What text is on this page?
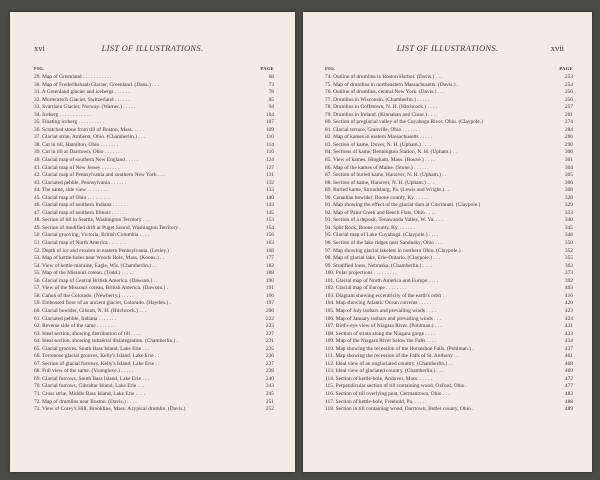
xvi	LIST OF ILLUSTRATIONS.
FIG.	PAGE
29. Map of Greenland . . . . . . . . . . .	68
30. Map of Frederikshaab Glacier, Greenland. (Dana.) . . .	73
31. A Greenland glacier and icebergs . . . . . .	78
32. Morteratsch Glacier, Switzerland . . . . . .	85
33. Svartisen Glacier, Norway. (Warner.) . . . . .	94
34. Iceberg . . . . . . . . . . . .	104
35. Floating iceberg . . . . . . . . . .	107
36. Scratched stone from till of Boston, Mass. . . . .	109
37. Glacial striæ, Amherst, Ohio. (Chamberlin.) . . .	110
38. Cut in till, Hamilton, Ohio . . . . . . .	114
39. Cut in till at Darrtown, Ohio . . . . . . .	116
40. Glacial map of southern New England . . . . .	124
41. Glacial map of New Jersey . . . . . . .	127
42. Glacial map of Pennsylvania and southern New York . . .	131
43. Glaciated pebble, Pennsylvania . . . . . .	132
44. The same, side view . . . . . . . .	133
45. Glacial map of Ohio . . . . . . . . .	140
46. Glacial map of southern Indiana . . . . . .	143
47. Glacial map of southern Illinois . . . . . .	145
48. Section of till in Seattle, Washington Territory . . .	153
49. Section of modified drift at Puget Sound, Washington Territory .	154
50. Glacial grooving, Victoria, British Columbia . . . .	156
51. Glacial map of North America . . . . . . .	163
52. Depth of ice and erosion in eastern Pennsylvania. (Lesley.) .	168
53. Map of kettle-holes near Woods Hole, Mass. (Koons.) . .	177
54. View of kettle-moraine, Eagle, Wis. (Chamberlin.) . .	182
55. Map of the Missouri coteau. (Todd.) . . . . .	188
56. Glacial map of Central British America. (Dawson.) . .	190
57. View of the Missouri coteau, British America. (Dawson.) .	191
58. Cañon of the Colorado. (Newberry.) . . . . .	196
59. Embossed floor of an ancient glacier, Colorado. (Hayden.) .	197
60. Glacial bowlder, Gilsum, N. H. (Hitchcock.) . . .	206
61. Glaciated pebble, Indiana . . . . . . .	222
62. Reverse side of the same . . . . . . .	223
63. Ideal section, showing distribution of till . . . .	227
64. Ideal section, showing subaërial disintegration. (Chamberlin.) .	231
65. Glacial grooves, South Bass Island, Lake Erie . . .	235
66. Torrenose glacial grooves, Kelly's Island, Lake Erie . .	236
67. Section of glacial furrows, Kelly's Island, Lake Erie . .	237
68. Full view of the same. (Younglove.) . . . . .	238
69. Glacial furrows, South Bass Island, Lake Erie . . .	240
70. Glacial furrows, Gibraltar Island, Lake Erie . . .	243
71. Cross striæ, Middle Bass Island, Lake Erie . . . .	245
72. Map of drumlins near Boston. (Davis.) . . . .	251
73. View of Corey's Hill, Brookline, Mass. A typical drumlin. (Davis.)	252
LIST OF ILLUSTRATIONS.	xvii
FIG.	PAGE
74. Outline of drumlins in Boston Harbor. (Davis.) . . .	253
75. Map of drumlins in northeastern Massachusetts. (Davis.) .	254
76. Outline of drumlins, central New York. (Davis.) . . .	256
77. Drumlins in Wisconsin. (Chamberlin.) . . . . .	256
78. Drumlins in Goffstown, N. H. (Hitchcock.) . . . .	257
79. Drumlins in Ireland. (Kinnahan and Close.) . . . .	261
80. Section of preglacial valley of the Cuyahoga River, Ohio. (Claypole.)	274
81. Glacial terrace, Granville, Ohio . . . . . . .	284
82. Map of kames in eastern Massachusetts . . . . .	286
83. Section of kame, Dover, N. H. (Upham.) . . . .	290
84. Sections of kame, Bennington Station, N. H. (Upham.) . .	300
85. View of kames, Hingham, Mass. (Bouvé.) . . . .	301
86. Map of the kames of Maine. (Stone.) . . . . .	304
87. Section of buried kame, Hanover, N. H. (Upham.) . .	305
88. Section of kame, Hanover, N. H. (Upham.) . . .	306
89. Buried kame, Stroudsburg, Pa. (Lewis and Wright.) . .	308
90. Canadian bowlder, Boone county, Ky. . . . . .	328
91. Map showing the effect of the glacial dam at Cincinnati. (Claypole.)	329
92. Map of Paint Creek and Beech Flats, Ohio . . . .	333
93. Section of a deposit, Tonawanda Valley, W. Va. . . .	340
94. Split Rock, Boone county, Ky. . . . . . .	345
95. Glacial map of Lake Cuyahoga. (Claypole.) . . . .	348
96. Section of the lake ridges near Sandusky, Ohio . . .	350
97. Map showing glacial lakelets in northern Ohio. (Claypole.) .	352
98. Map of glacial lake, Erie-Ontario. (Claypole.) . . .	355
99. Stratified loess, Nebraska. (Chamberlin.) . . . .	363
100. Polar projections . . . . . . . . .	373
101. Glacial map of North America and Europe . . . .	392
102. Glacial map of Europe . . . . . . . .	403
103. Diagram showing eccentricity of the earth's orbit . .	416
104. Map showing Atlantic Ocean currents . . . . .	420
105. Map of July isobars and prevailing winds . . . .	423
106. Map of January isobars and prevailing winds . . .	424
107. Bird's-eye view of Niagara River. (Pohlman.) . . .	431
108. Section of strata along the Niagara gorge . . . .	433
109. Map of the Niagara River below the Falls . . . .	434
110. Map showing the recession of the Horseshoe Falls. (Pohlman.) .	437
111. Map showing the recession of the Falls of St. Anthony . .	461
112. Ideal view of an unglaciated country. (Chamberlin.) . .	468
113. Ideal view of glaciated country. (Chamberlin.) . . .	469
114. Section of kettle-hole, Andover, Mass. . . . . .	472
115. Perpendicular section of till containing wood, Oxford, Ohio .	477
116. Section of till overlying peat, Germantown, Ohio . . .	483
117. Section of kettle-hole, Freehold, Pa. . . . . .	488
118. Section in till containing wood, Darrtown, Butler county, Ohio .	489
